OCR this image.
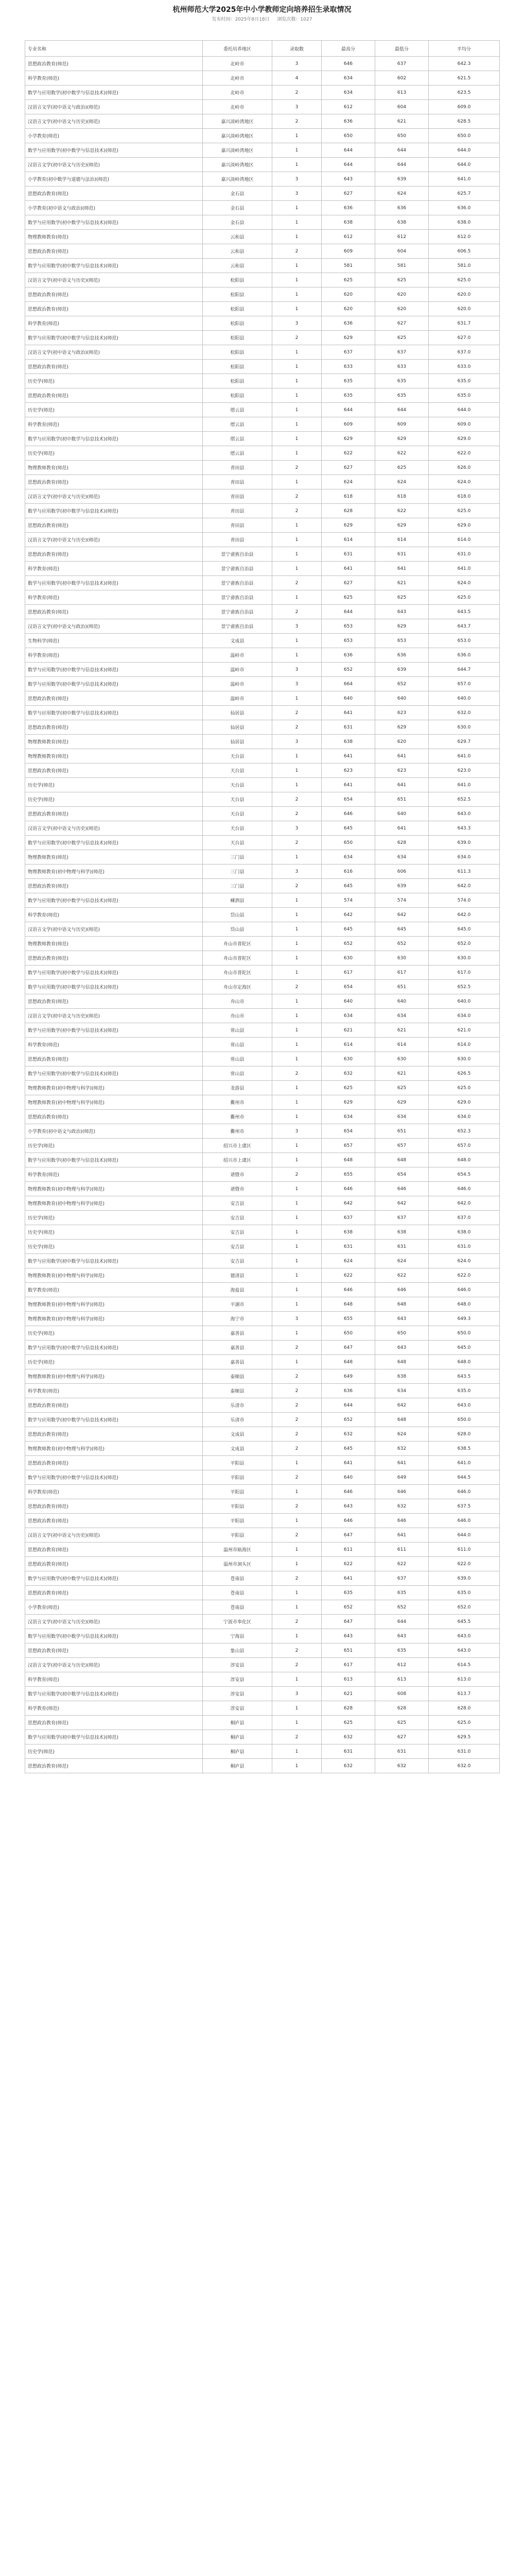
杭州师范大学2025年中小学教师定向培养招生录取情况
发布时间：2025年8月18日 浏览次数：1027
专业名称	委托培养地区	录取数	最高分	最低分	平均分
思想政治教育(师范)	北岭市	3	646	637	642.3
科学教育(师范)	北岭市	4	634	602	621.5
数学与应用数学(初中数学与信息技术)(师范)	北岭市	2	634	613	623.5
汉语言文学(初中语文与政治)(师范)	北岭市	3	612	604	609.0
汉语言文学(初中语文与历史)(师范)	嘉兴淡岭湾地区	2	636	621	628.5
小学教育(师范)	嘉兴淡岭湾地区	1	650	650	650.0
数学与应用数学(初中数学与信息技术)(师范)	嘉兴淡岭湾地区	1	644	644	644.0
汉语言文学(初中语文与历史)(师范)	嘉兴淡岭湾地区	1	644	644	644.0
小学教育(初中数学与道德与法治)(师范)	嘉兴淡岭湾地区	3	643	639	641.0
思想政治教育(师范)	金石县	3	627	624	625.7
小学教育(初中语文与政治)(师范)	金石县	1	636	636	636.0
数学与应用数学(初中数学与信息技术)(师范)	金石县	1	638	638	638.0
物理教师教育(师范)	云和县	1	612	612	612.0
思想政治教育(师范)	云和县	2	609	604	606.5
数学与应用数学(初中数学与信息技术)(师范)	云和县	1	581	581	581.0
汉语言文学(初中语文与历史)(师范)	松阳县	1	625	625	625.0
思想政治教育(师范)	松阳县	1	620	620	620.0
思想政治教育(师范)	松阳县	1	620	620	620.0
科学教育(师范)	松阳县	3	636	627	631.7
数学与应用数学(初中数学与信息技术)(师范)	松阳县	2	629	625	627.0
汉语言文学(初中语文与政治)(师范)	松阳县	1	637	637	637.0
思想政治教育(师范)	松阳县	1	633	633	633.0
历史学(师范)	松阳县	1	635	635	635.0
思想政治教育(师范)	松阳县	1	635	635	635.0
历史学(师范)	缙云县	1	644	644	644.0
科学教育(师范)	缙云县	1	609	609	609.0
数学与应用数学(初中数学与信息技术)(师范)	缙云县	1	629	629	629.0
历史学(师范)	缙云县	1	622	622	622.0
物理教师教育(师范)	青田县	2	627	625	626.0
思想政治教育(师范)	青田县	1	624	624	624.0
汉语言文学(初中语文与历史)(师范)	青田县	2	618	618	618.0
数学与应用数学(初中数学与信息技术)(师范)	青田县	2	628	622	625.0
思想政治教育(师范)	青田县	1	629	629	629.0
汉语言文学(初中语文与历史)(师范)	青田县	1	614	614	614.0
思想政治教育(师范)	景宁畲族自治县	1	631	631	631.0
科学教育(师范)	景宁畲族自治县	1	641	641	641.0
数学与应用数学(初中数学与信息技术)(师范)	景宁畲族自治县	2	627	621	624.0
科学教育(师范)	景宁畲族自治县	1	625	625	625.0
思想政治教育(师范)	景宁畲族自治县	2	644	643	643.5
汉语言文学(初中语文与政治)(师范)	景宁畲族自治县	3	653	629	643.7
生物科学(师范)	文成县	1	653	653	653.0
科学教育(师范)	温岭市	1	636	636	636.0
数学与应用数学(初中数学与信息技术)(师范)	温岭市	3	652	639	644.7
数学与应用数学(初中数学与信息技术)(师范)	温岭市	3	664	652	657.0
思想政治教育(师范)	温岭市	1	640	640	640.0
数学与应用数学(初中数学与信息技术)(师范)	仙居县	2	641	623	632.0
思想政治教育(师范)	仙居县	2	631	629	630.0
物理教师教育(师范)	仙居县	3	638	620	629.7
物理教师教育(师范)	天台县	1	641	641	641.0
思想政治教育(师范)	天台县	1	623	623	623.0
历史学(师范)	天台县	1	641	641	641.0
历史学(师范)	天台县	2	654	651	652.5
思想政治教育(师范)	天台县	2	646	640	643.0
汉语言文学(初中语文与历史)(师范)	天台县	3	645	641	643.3
数学与应用数学(初中数学与信息技术)(师范)	天台县	2	650	628	639.0
物理教师教育(师范)	三门县	1	634	634	634.0
物理教师教育(初中物理与科学)(师范)	三门县	3	616	606	611.3
思想政治教育(师范)	三门县	2	645	639	642.0
数学与应用数学(初中数学与信息技术)(师范)	嵊泗县	1	574	574	574.0
科学教育(师范)	岱山县	1	642	642	642.0
汉语言文学(初中语文与历史)(师范)	岱山县	1	645	645	645.0
物理教师教育(师范)	舟山市普陀区	1	652	652	652.0
思想政治教育(师范)	舟山市普陀区	1	630	630	630.0
数学与应用数学(初中数学与信息技术)(师范)	舟山市普陀区	1	617	617	617.0
数学与应用数学(初中数学与信息技术)(师范)	舟山市定海区	2	654	651	652.5
思想政治教育(师范)	舟山市	1	640	640	640.0
汉语言文学(初中语文与历史)(师范)	舟山市	1	634	634	634.0
数学与应用数学(初中数学与信息技术)(师范)	常山县	1	621	621	621.0
科学教育(师范)	常山县	1	614	614	614.0
思想政治教育(师范)	常山县	1	630	630	630.0
数学与应用数学(初中数学与信息技术)(师范)	常山县	2	632	621	626.5
物理教师教育(初中物理与科学)(师范)	龙游县	1	625	625	625.0
物理教师教育(初中物理与科学)(师范)	衢州市	1	629	629	629.0
思想政治教育(师范)	衢州市	1	634	634	634.0
小学教育(初中语文与政治)(师范)	衢州市	3	654	651	652.3
历史学(师范)	绍兴市上虞区	1	657	657	657.0
数学与应用数学(初中数学与信息技术)(师范)	绍兴市上虞区	1	648	648	648.0
科学教育(师范)	诸暨市	2	655	654	654.5
物理教师教育(初中物理与科学)(师范)	诸暨市	1	646	646	646.0
物理教师教育(初中物理与科学)(师范)	安吉县	1	642	642	642.0
历史学(师范)	安吉县	1	637	637	637.0
历史学(师范)	安吉县	1	638	638	638.0
历史学(师范)	安吉县	1	631	631	631.0
数学与应用数学(初中数学与信息技术)(师范)	安吉县	1	624	624	624.0
物理教师教育(初中物理与科学)(师范)	德清县	1	622	622	622.0
数学教育(师范)	海盐县	1	646	646	646.0
物理教师教育(初中物理与科学)(师范)	平湖市	1	648	648	648.0
物理教师教育(初中物理与科学)(师范)	海宁市	3	655	643	649.3
历史学(师范)	嘉善县	1	650	650	650.0
数学与应用数学(初中数学与信息技术)(师范)	嘉善县	2	647	643	645.0
历史学(师范)	嘉善县	1	648	648	648.0
物理教师教育(初中物理与科学)(师范)	泰顺县	2	649	638	643.5
科学教育(师范)	泰顺县	2	636	634	635.0
思想政治教育(师范)	乐清市	2	644	642	643.0
数学与应用数学(初中数学与信息技术)(师范)	乐清市	2	652	648	650.0
思想政治教育(师范)	文成县	2	632	624	628.0
物理教师教育(初中物理与科学)(师范)	文成县	2	645	632	638.5
思想政治教育(师范)	平阳县	1	641	641	641.0
数学与应用数学(初中数学与信息技术)(师范)	平阳县	2	640	649	644.5
科学教育(师范)	平阳县	1	646	646	646.0
思想政治教育(师范)	平阳县	2	643	632	637.5
思想政治教育(师范)	平阳县	1	646	646	646.0
汉语言文学(初中语文与历史)(师范)	平阳县	2	647	641	644.0
思想政治教育(师范)	温州市瓯海区	1	611	611	611.0
思想政治教育(师范)	温州市洞头区	1	622	622	622.0
数学与应用数学(初中数学与信息技术)(师范)	苍南县	2	641	637	639.0
思想政治教育(师范)	苍南县	1	635	635	635.0
小学教育(师范)	苍南县	1	652	652	652.0
汉语言文学(初中语文与历史)(师范)	宁波市奉化区	2	647	644	645.5
数学与应用数学(初中数学与信息技术)(师范)	宁海县	1	643	643	643.0
思想政治教育(师范)	象山县	2	651	635	643.0
汉语言文学(初中语文与历史)(师范)	淳安县	2	617	612	614.5
科学教育(师范)	淳安县	1	613	613	613.0
数学与应用数学(初中数学与信息技术)(师范)	淳安县	3	621	608	613.7
科学教育(师范)	淳安县	1	628	628	628.0
思想政治教育(师范)	桐庐县	1	625	625	625.0
数学与应用数学(初中数学与信息技术)(师范)	桐庐县	2	632	627	629.5
历史学(师范)	桐庐县	1	631	631	631.0
思想政治教育(师范)	桐庐县	1	632	632	632.0
